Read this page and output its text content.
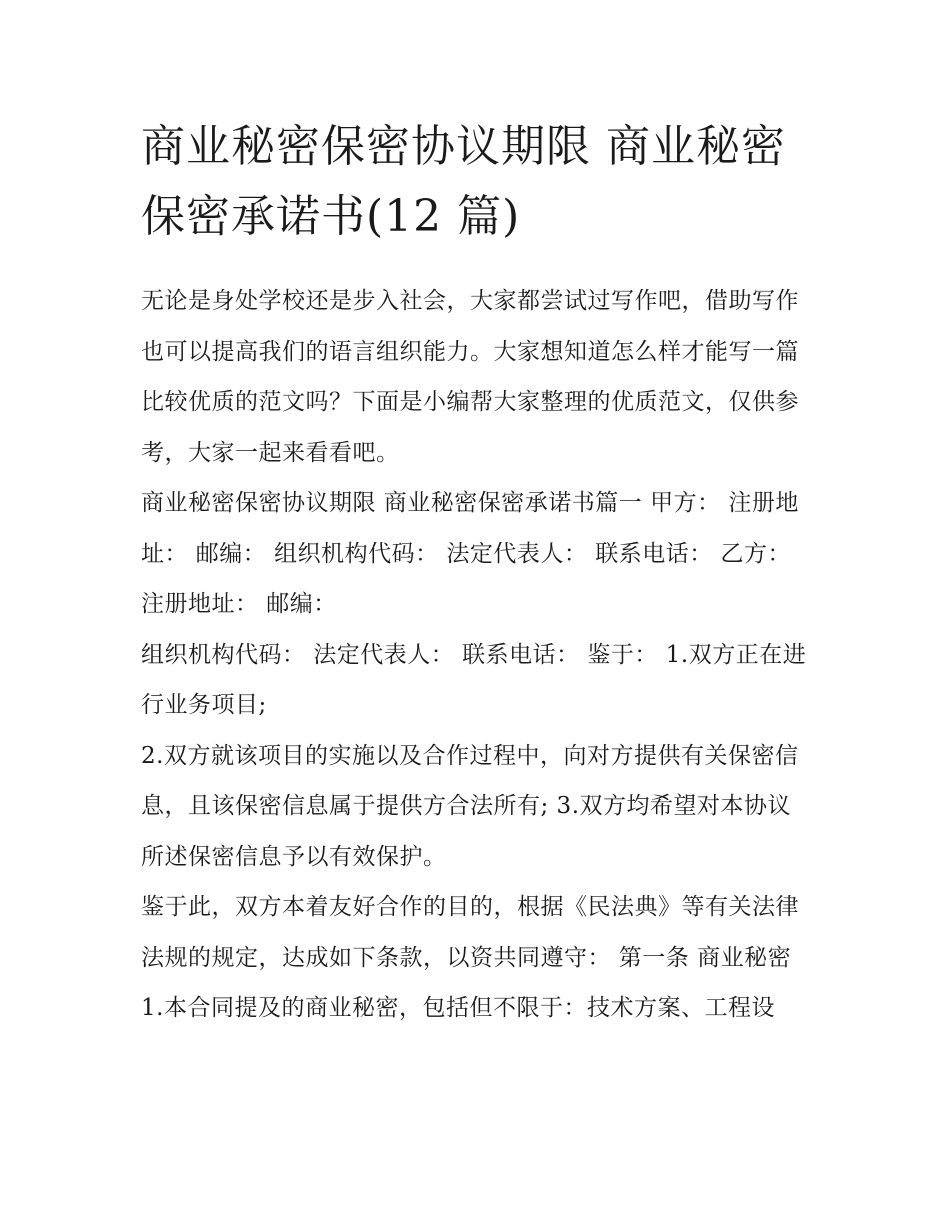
商业秘密保密协议期限 商业秘密保密承诺书(12 篇)

无论是身处学校还是步入社会，大家都尝试过写作吧，借助写作也可以提高我们的语言组织能力。大家想知道怎么样才能写一篇比较优质的范文吗？下面是小编帮大家整理的优质范文，仅供参考，大家一起来看看吧。

商业秘密保密协议期限 商业秘密保密承诺书篇一 甲方： 注册地址： 邮编： 组织机构代码： 法定代表人： 联系电话： 乙方： 注册地址： 邮编：

组织机构代码： 法定代表人： 联系电话： 鉴于： 1.双方正在进行业务项目;

2.双方就该项目的实施以及合作过程中，向对方提供有关保密信息，且该保密信息属于提供方合法所有; 3.双方均希望对本协议所述保密信息予以有效保护。

鉴于此，双方本着友好合作的目的，根据《民法典》等有关法律法规的规定，达成如下条款，以资共同遵守： 第一条 商业秘密

1.本合同提及的商业秘密，包括但不限于：技术方案、工程设
